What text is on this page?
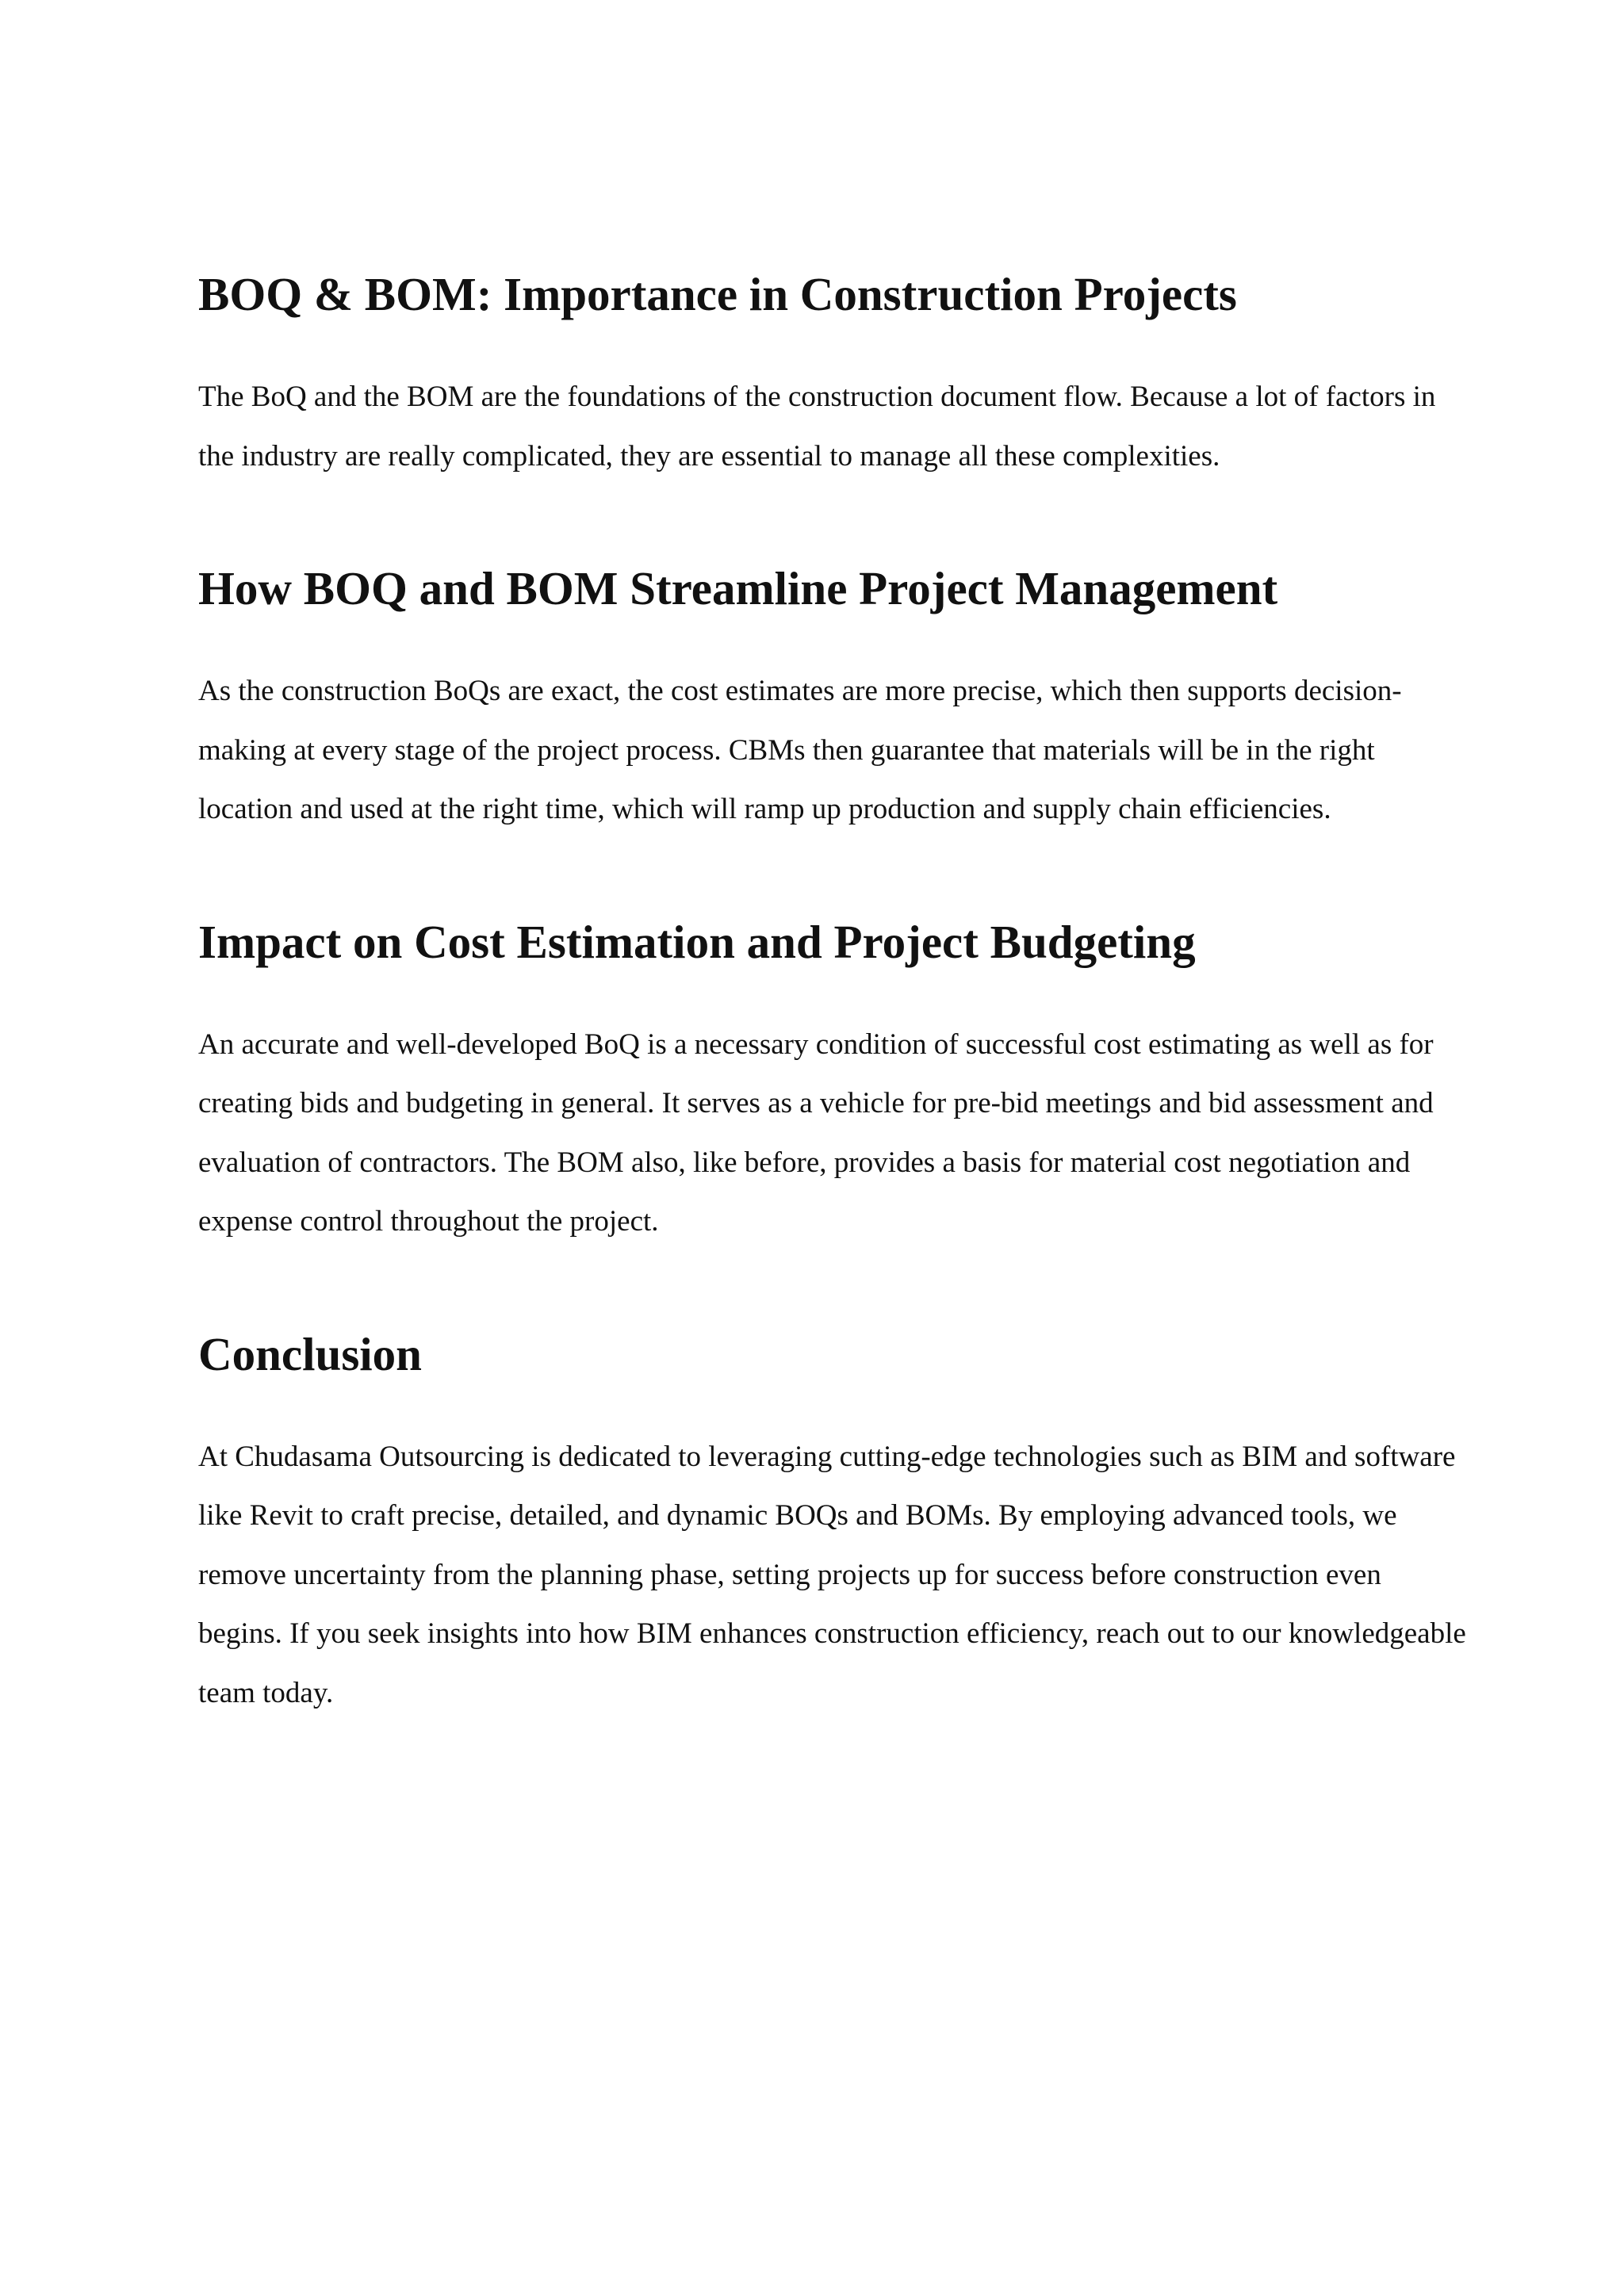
BOQ & BOM: Importance in Construction Projects

The BoQ and the BOM are the foundations of the construction document flow. Because a lot of factors in the industry are really complicated, they are essential to manage all these complexities.

How BOQ and BOM Streamline Project Management

As the construction BoQs are exact, the cost estimates are more precise, which then supports decision-making at every stage of the project process. CBMs then guarantee that materials will be in the right location and used at the right time, which will ramp up production and supply chain efficiencies.

Impact on Cost Estimation and Project Budgeting

An accurate and well-developed BoQ is a necessary condition of successful cost estimating as well as for creating bids and budgeting in general. It serves as a vehicle for pre-bid meetings and bid assessment and evaluation of contractors. The BOM also, like before, provides a basis for material cost negotiation and expense control throughout the project.

Conclusion

At Chudasama Outsourcing is dedicated to leveraging cutting-edge technologies such as BIM and software like Revit to craft precise, detailed, and dynamic BOQs and BOMs. By employing advanced tools, we remove uncertainty from the planning phase, setting projects up for success before construction even begins. If you seek insights into how BIM enhances construction efficiency, reach out to our knowledgeable team today.
